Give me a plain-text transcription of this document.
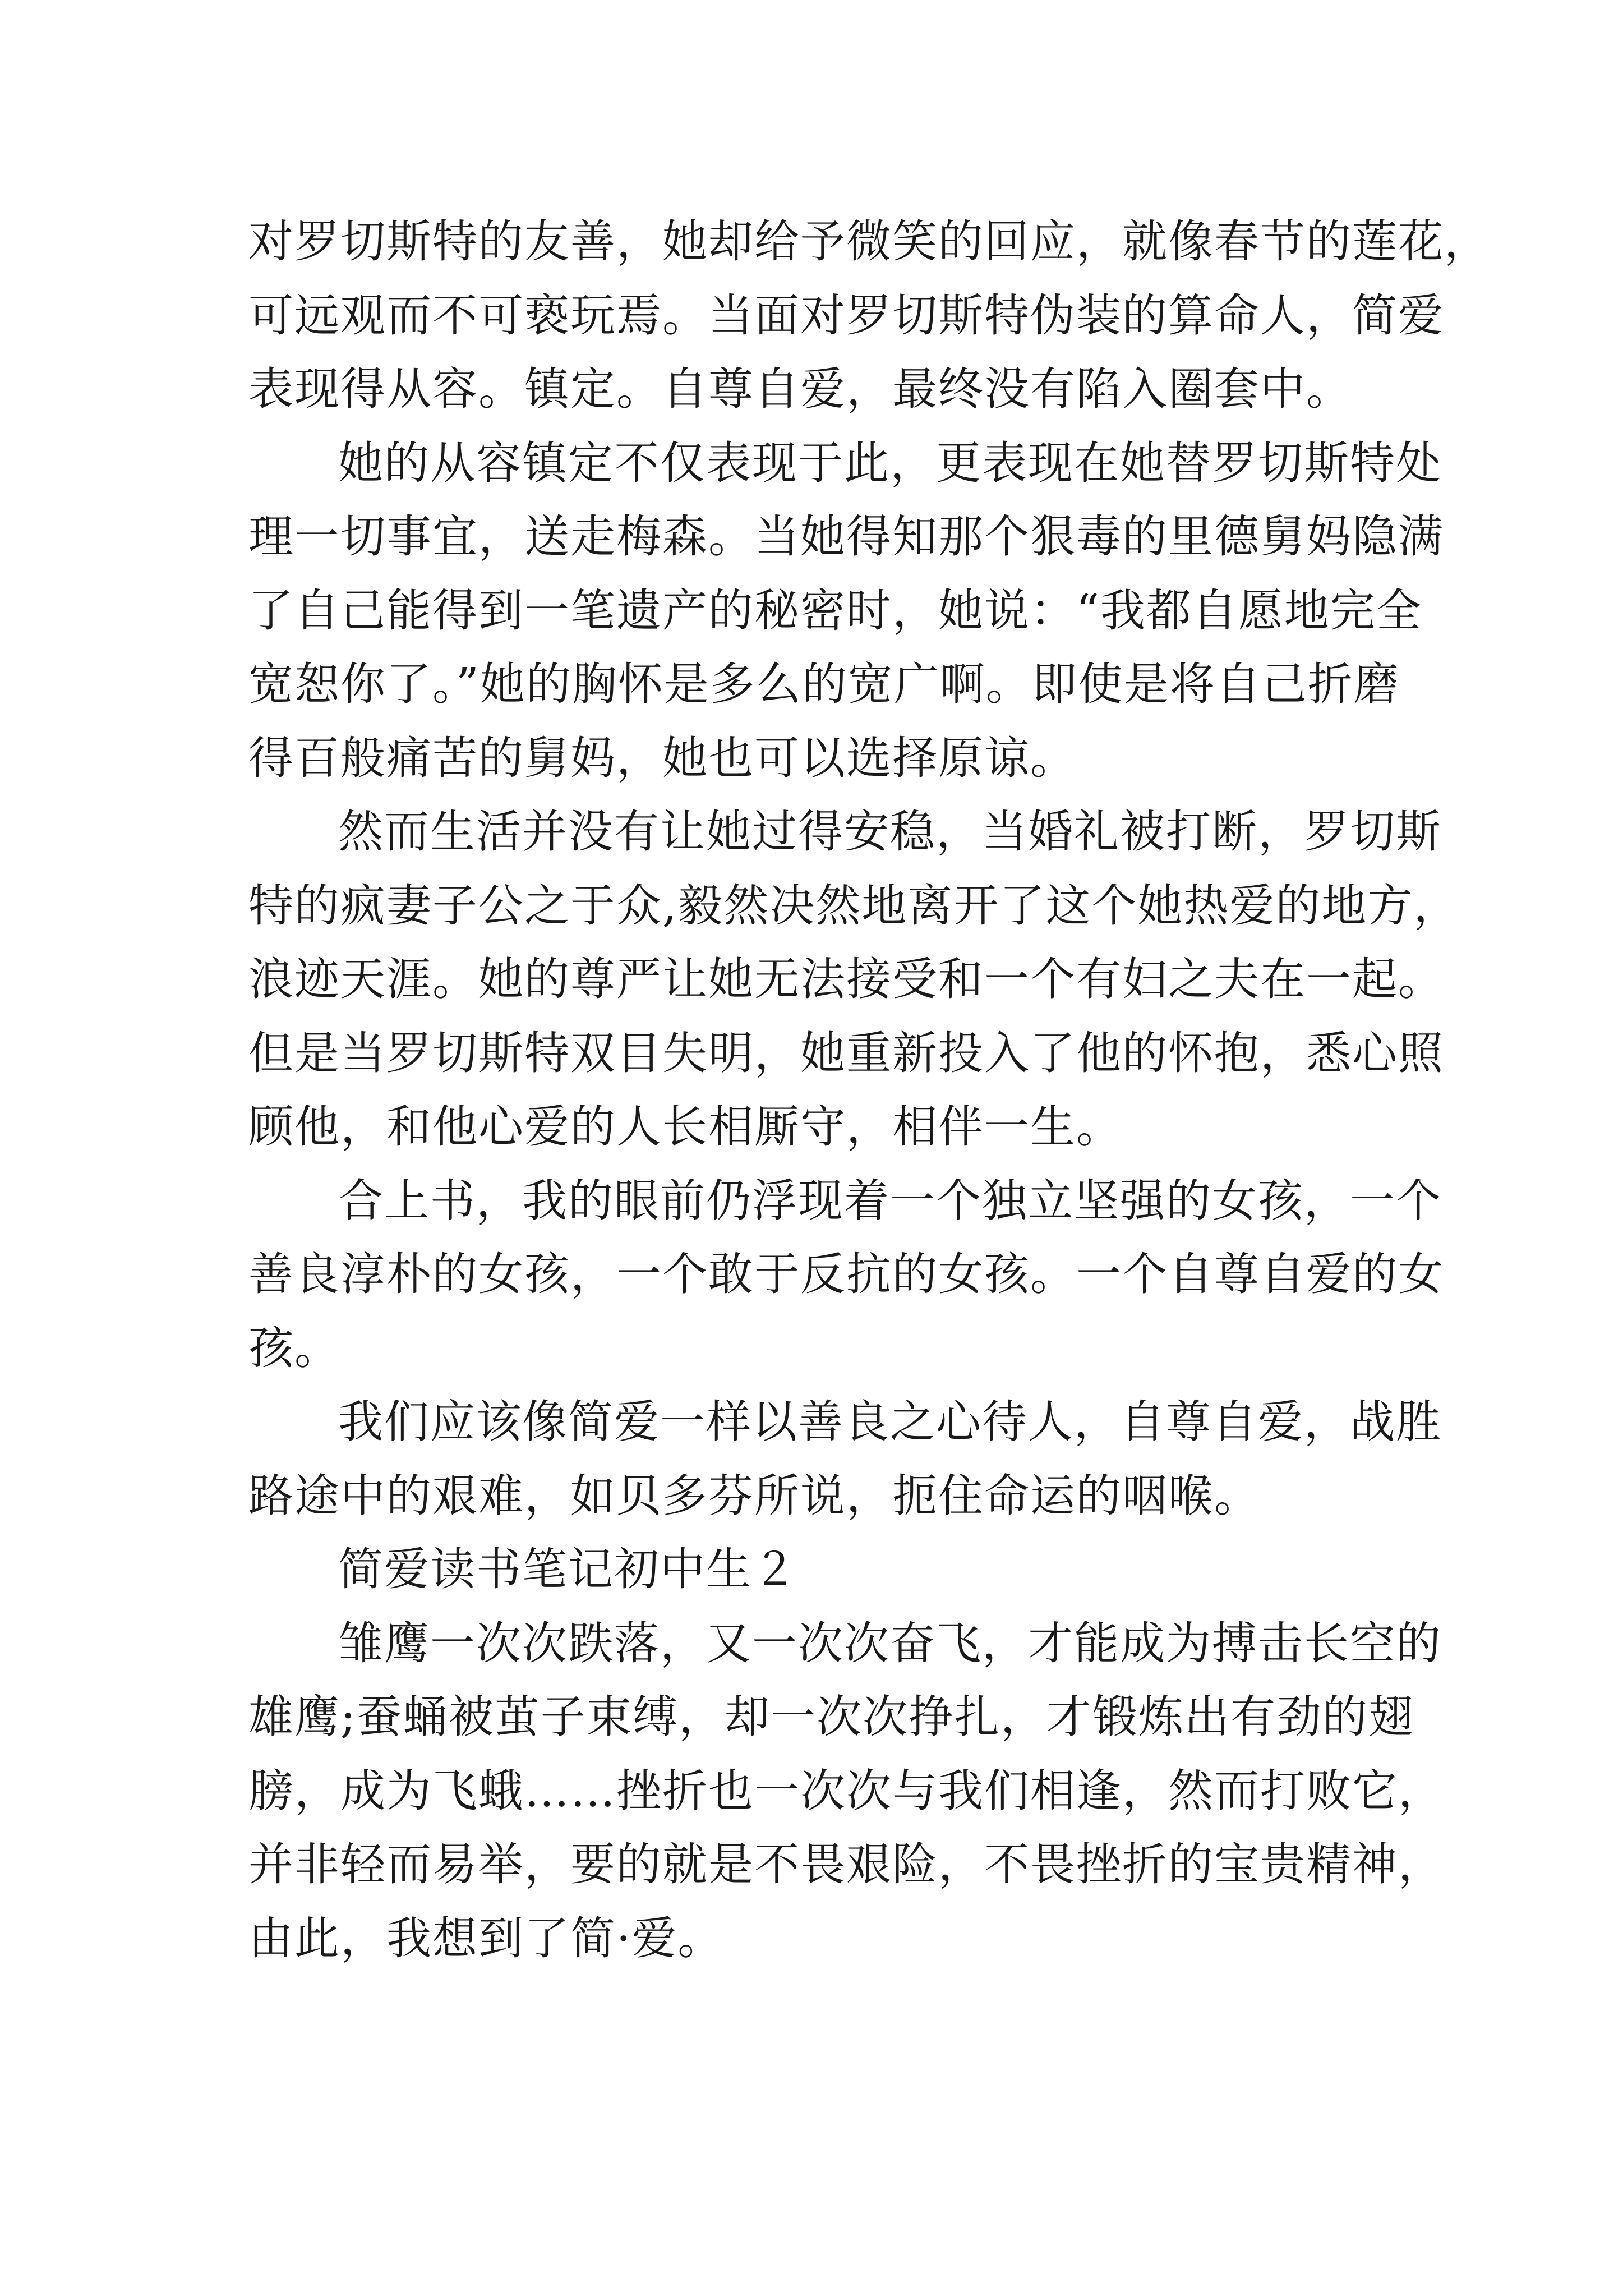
对罗切斯特的友善，她却给予微笑的回应，就像春节的莲花，
可远观而不可亵玩焉。当面对罗切斯特伪装的算命人，简爱
表现得从容。镇定。自尊自爱，最终没有陷入圈套中。
她的从容镇定不仅表现于此，更表现在她替罗切斯特处
理一切事宜，送走梅森。当她得知那个狠毒的里德舅妈隐满
了自己能得到一笔遗产的秘密时，她说：“我都自愿地完全
宽恕你了。”她的胸怀是多么的宽广啊。即使是将自己折磨
得百般痛苦的舅妈，她也可以选择原谅。
然而生活并没有让她过得安稳，当婚礼被打断，罗切斯
特的疯妻子公之于众,毅然决然地离开了这个她热爱的地方，
浪迹天涯。她的尊严让她无法接受和一个有妇之夫在一起。
但是当罗切斯特双目失明，她重新投入了他的怀抱，悉心照
顾他，和他心爱的人长相厮守，相伴一生。
合上书，我的眼前仍浮现着一个独立坚强的女孩，一个
善良淳朴的女孩，一个敢于反抗的女孩。一个自尊自爱的女
孩。
我们应该像简爱一样以善良之心待人，自尊自爱，战胜
路途中的艰难，如贝多芬所说，扼住命运的咽喉。
简爱读书笔记初中生２
雏鹰一次次跌落，又一次次奋飞，才能成为搏击长空的
雄鹰;蚕蛹被茧子束缚，却一次次挣扎，才锻炼出有劲的翅
膀，成为飞蛾……挫折也一次次与我们相逢，然而打败它，
并非轻而易举，要的就是不畏艰险，不畏挫折的宝贵精神，
由此，我想到了简·爱。
